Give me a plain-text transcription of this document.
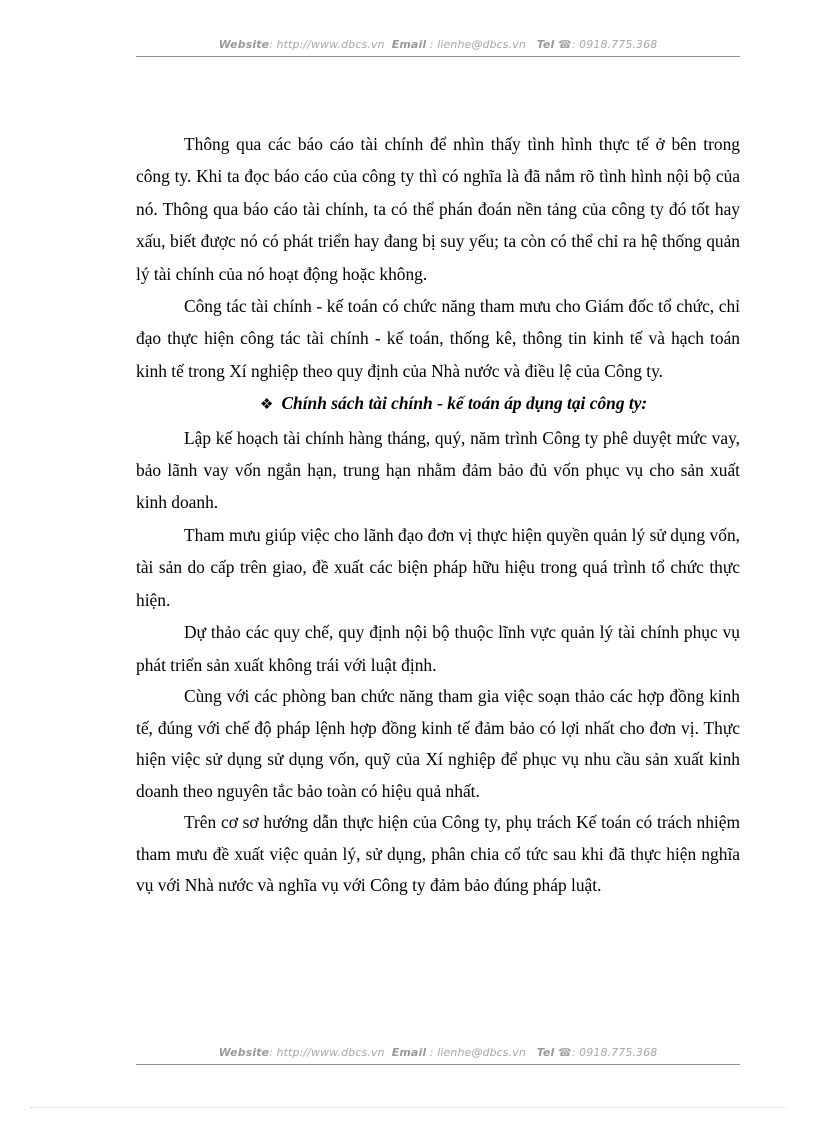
Website: http://www.dbcs.vn Email : lienhe@dbcs.vn Tel ☎: 0918.775.368

Thông qua các báo cáo tài chính để nhìn thấy tình hình thực tế ở bên trong công ty. Khi ta đọc báo cáo của công ty thì có nghĩa là đã nắm rõ tình hình nội bộ của nó. Thông qua báo cáo tài chính, ta có thể phán đoán nền tảng của công ty đó tốt hay xấu, biết được nó có phát triển hay đang bị suy yếu; ta còn có thể chỉ ra hệ thống quản lý tài chính của nó hoạt động hoặc không.

Công tác tài chính - kế toán có chức năng tham mưu cho Giám đốc tổ chức, chỉ đạo thực hiện công tác tài chính - kế toán, thống kê, thông tin kinh tế và hạch toán kinh tế trong Xí nghiệp theo quy định của Nhà nước và điều lệ của Công ty.

❖ Chính sách tài chính - kế toán áp dụng tại công ty:

Lập kế hoạch tài chính hàng tháng, quý, năm trình Công ty phê duyệt mức vay, bảo lãnh vay vốn ngắn hạn, trung hạn nhằm đảm bảo đủ vốn phục vụ cho sản xuất kinh doanh.

Tham mưu giúp việc cho lãnh đạo đơn vị thực hiện quyền quản lý sử dụng vốn, tài sản do cấp trên giao, đề xuất các biện pháp hữu hiệu trong quá trình tổ chức thực hiện.

Dự thảo các quy chế, quy định nội bộ thuộc lĩnh vực quản lý tài chính phục vụ phát triển sản xuất không trái với luật định.

Cùng với các phòng ban chức năng tham gia việc soạn thảo các hợp đồng kinh tế, đúng với chế độ pháp lệnh hợp đồng kinh tế đảm bảo có lợi nhất cho đơn vị. Thực hiện việc sử dụng sử dụng vốn, quỹ của Xí nghiệp để phục vụ nhu cầu sản xuất kinh doanh theo nguyên tắc bảo toàn có hiệu quả nhất.

Trên cơ sơ hướng dẫn thực hiện của Công ty, phụ trách Kế toán có trách nhiệm tham mưu đề xuất việc quản lý, sử dụng, phân chia cổ tức sau khi đã thực hiện nghĩa vụ với Nhà nước và nghĩa vụ với Công ty đảm bảo đúng pháp luật.

Website: http://www.dbcs.vn Email : lienhe@dbcs.vn Tel ☎: 0918.775.368
